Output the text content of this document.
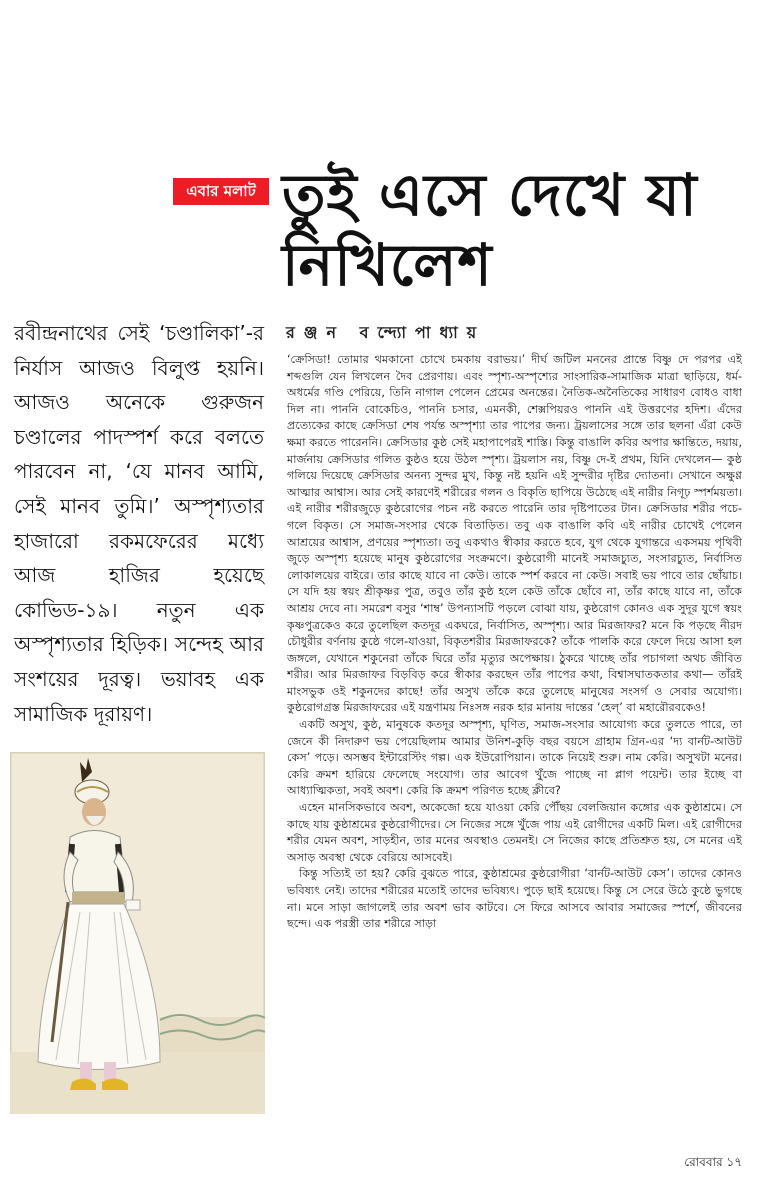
এবার মলাট তুই এসে দেখে যা নিখিলেশ
রঞ্জন বন্দ্যোপাধ্যায়

রবীন্দ্রনাথের সেই ‘চণ্ডালিকা’-র নির্যাস আজও বিলুপ্ত হয়নি। আজও অনেকে গুরুজন চণ্ডালের পাদস্পর্শ করে বলতে পারবেন না, ‘যে মানব আমি, সেই মানব তুমি।’ অস্পৃশ্যতার হাজারো রকমফেরের মধ্যে আজ হাজির হয়েছে কোভিড-১৯। নতুন এক অস্পৃশ্যতার হিড়িক। সন্দেহ আর সংশয়ের দূরত্ব। ভয়াবহ এক সামাজিক দূরায়ণ।

‘ক্রেসিডা! তোমার থমকানো চোখে চমকায় বরাভয়।’ দীর্ঘ জটিল মননের প্রান্তে বিষ্ণু দে পরপর এই শব্দগুলি যেন লিখলেন দৈব প্রেরণায়। এবং স্পৃশ্য-অস্পৃশ্যের সাংসারিক-সামাজিক মাত্রা ছাড়িয়ে, ধর্ম-অধর্মের গণ্ডি পেরিয়ে, তিনি নাগাল পেলেন প্রেমের অনন্তের। নৈতিক-অনৈতিকের সাধারণ বোধও বাধা দিল না। পাননি বোকেচিও, পাননি চসার, এমনকী, শেক্সপিয়রও পাননি এই উত্তরণের হদিশ। এঁদের প্রত্যেকের কাছে ক্রেসিডা শেষ পর্যন্ত অস্পৃশ্যা তার পাপের জন্য। ট্রয়লাসের সঙ্গে তার ছলনা এঁরা কেউ ক্ষমা করতে পারেননি। ক্রেসিডার কুষ্ঠ সেই মহাপাপেরই শাস্তি। কিন্তু বাঙালি কবির অপার ক্ষান্তিতে, দয়ায়, মার্জনায় ক্রেসিডার গলিত কুষ্ঠও হয়ে উঠল স্পৃশ্য। ট্রয়লাস নয়, বিষ্ণু দে-ই প্রথম, যিনি দেখলেন— কুষ্ঠ গলিয়ে দিয়েছে ক্রেসিডার অনন্য সুন্দর মুখ, কিন্তু নষ্ট হয়নি এই সুন্দরীর দৃষ্টির দ্যোতনা। সেখানে অক্ষুণ্ণ আত্মার আশ্বাস। আর সেই কারণেই শরীরের গলন ও বিকৃতি ছাপিয়ে উঠেছে এই নারীর নিগূঢ় স্পর্শময়তা। এই নারীর শরীরজুড়ে কুষ্ঠরোগের পচন নষ্ট করতে পারেনি তার দৃষ্টিপাতের টান। ক্রেসিডার শরীর পচে-গলে বিকৃত। সে সমাজ-সংসার থেকে বিতাড়িত। তবু এক বাঙালি কবি এই নারীর চোখেই পেলেন আশ্রয়ের আশ্বাস, প্রণয়ের স্পৃশ্যতা। তবু একথাও স্বীকার করতে হবে, যুগ থেকে যুগান্তরে একসময় পৃথিবী জুড়ে অস্পৃশ্য হয়েছে মানুষ কুষ্ঠরোগের সংক্রমণে। কুষ্ঠরোগী মানেই সমাজচ্যুত, সংসারচ্যুত, নির্বাসিত লোকালয়ের বাইরে। তার কাছে যাবে না কেউ। তাকে স্পর্শ করবে না কেউ। সবাই ভয় পাবে তার ছোঁয়াচ। সে যদি হয় স্বয়ং শ্রীকৃষ্ণর পুত্র, তবুও তাঁর কুষ্ঠ হলে কেউ তাঁকে ছোঁবে না, তাঁর কাছে যাবে না, তাঁকে আশ্রয় দেবে না। সমরেশ বসুর ‘শাম্ব’ উপন্যাসটি পড়লে বোঝা যায়, কুষ্ঠরোগ কোনও এক সুদূর যুগে স্বয়ং কৃষ্ণপুত্রকেও করে তুলেছিল কতদূর একঘরে, নির্বাসিত, অস্পৃশ্য। আর মিরজাফর? মনে কি পড়ছে নীরদ চৌধুরীর বর্ণনায় কুষ্ঠে গলে-যাওয়া, বিকৃতশরীর মিরজাফরকে? তাঁকে পালকি করে ফেলে দিয়ে আসা হল জঙ্গলে, যেখানে শকুনেরা তাঁকে ঘিরে তাঁর মৃত্যুর অপেক্ষায়। ঠুকরে খাচ্ছে তাঁর পচাগলা অথচ জীবিত শরীর। আর মিরজাফর বিড়বিড় করে স্বীকার করছেন তাঁর পাপের কথা, বিশ্বাসঘাতকতার কথা— তাঁরই মাংসভুক ওই শকুনদের কাছে! তাঁর অসুখ তাঁকে করে তুলেছে মানুষের সংসর্গ ও সেবার অযোগ্য। কুষ্ঠরোগগ্রস্ত মিরজাফরের এই যন্ত্রণাময় নিঃসঙ্গ নরক হার মানায় দান্তের ‘হেল্’ বা মহারৌরবকেও!

একটি অসুখ, কুষ্ঠ, মানুষকে কতদূর অস্পৃশ্য, ঘৃণিত, সমাজ-সংসার আযোগ্য করে তুলতে পারে, তা জেনে কী নিদারুণ ভয় পেয়েছিলাম আমার উনিশ-কুড়ি বছর বয়সে গ্রাহাম গ্রিন-এর ‘দ্য বার্নট-আউট কেস’ পড়ে। অসম্ভব ইন্টারেস্টিং গল্প। এক ইউরোপিয়ান। তাকে নিয়েই শুরু। নাম কেরি। অসুখটা মনের। কেরি ক্রমশ হারিয়ে ফেলেছে সংযোগ। তার আবেগ খুঁজে পাচ্ছে না প্লাগ পয়েন্ট। তার ইচ্ছে বা আধ্যাত্মিকতা, সবই অবশ। কেরি কি ক্রমশ পরিণত হচ্ছে ক্লীবে?

এহেন মানসিকভাবে অবশ, অকেজো হয়ে যাওয়া কেরি পৌঁছয় বেলজিয়ান কঙ্গোর এক কুষ্ঠাশ্রমে। সে কাছে যায় কুষ্ঠাশ্রমের কুষ্ঠরোগীদের। সে নিজের সঙ্গে খুঁজে পায় এই রোগীদের একটি মিল। এই রোগীদের শরীর যেমন অবশ, সাড়হীন, তার মনের অবস্থাও তেমনই। সে নিজের কাছে প্রতিশ্রুত হয়, সে মনের এই অসাড় অবস্থা থেকে বেরিয়ে আসবেই।

কিন্তু সত্যিই তা হয়? কেরি বুঝতে পারে, কুষ্ঠাশ্রমের কুষ্ঠরোগীরা ‘বার্নট-আউট কেস’। তাদের কোনও ভবিষ্যৎ নেই। তাদের শরীরের মতোই তাদের ভবিষ্যৎ। পুড়ে ছাই হয়েছে। কিন্তু সে সেরে উঠে কুষ্ঠে ভুগছে না। মনে সাড়া জাগলেই তার অবশ ভাব কাটবে। সে ফিরে আসবে আবার সমাজের স্পর্শে, জীবনের ছন্দে। এক পরস্ত্রী তার শরীরে সাড়া

রোববার ১৭
